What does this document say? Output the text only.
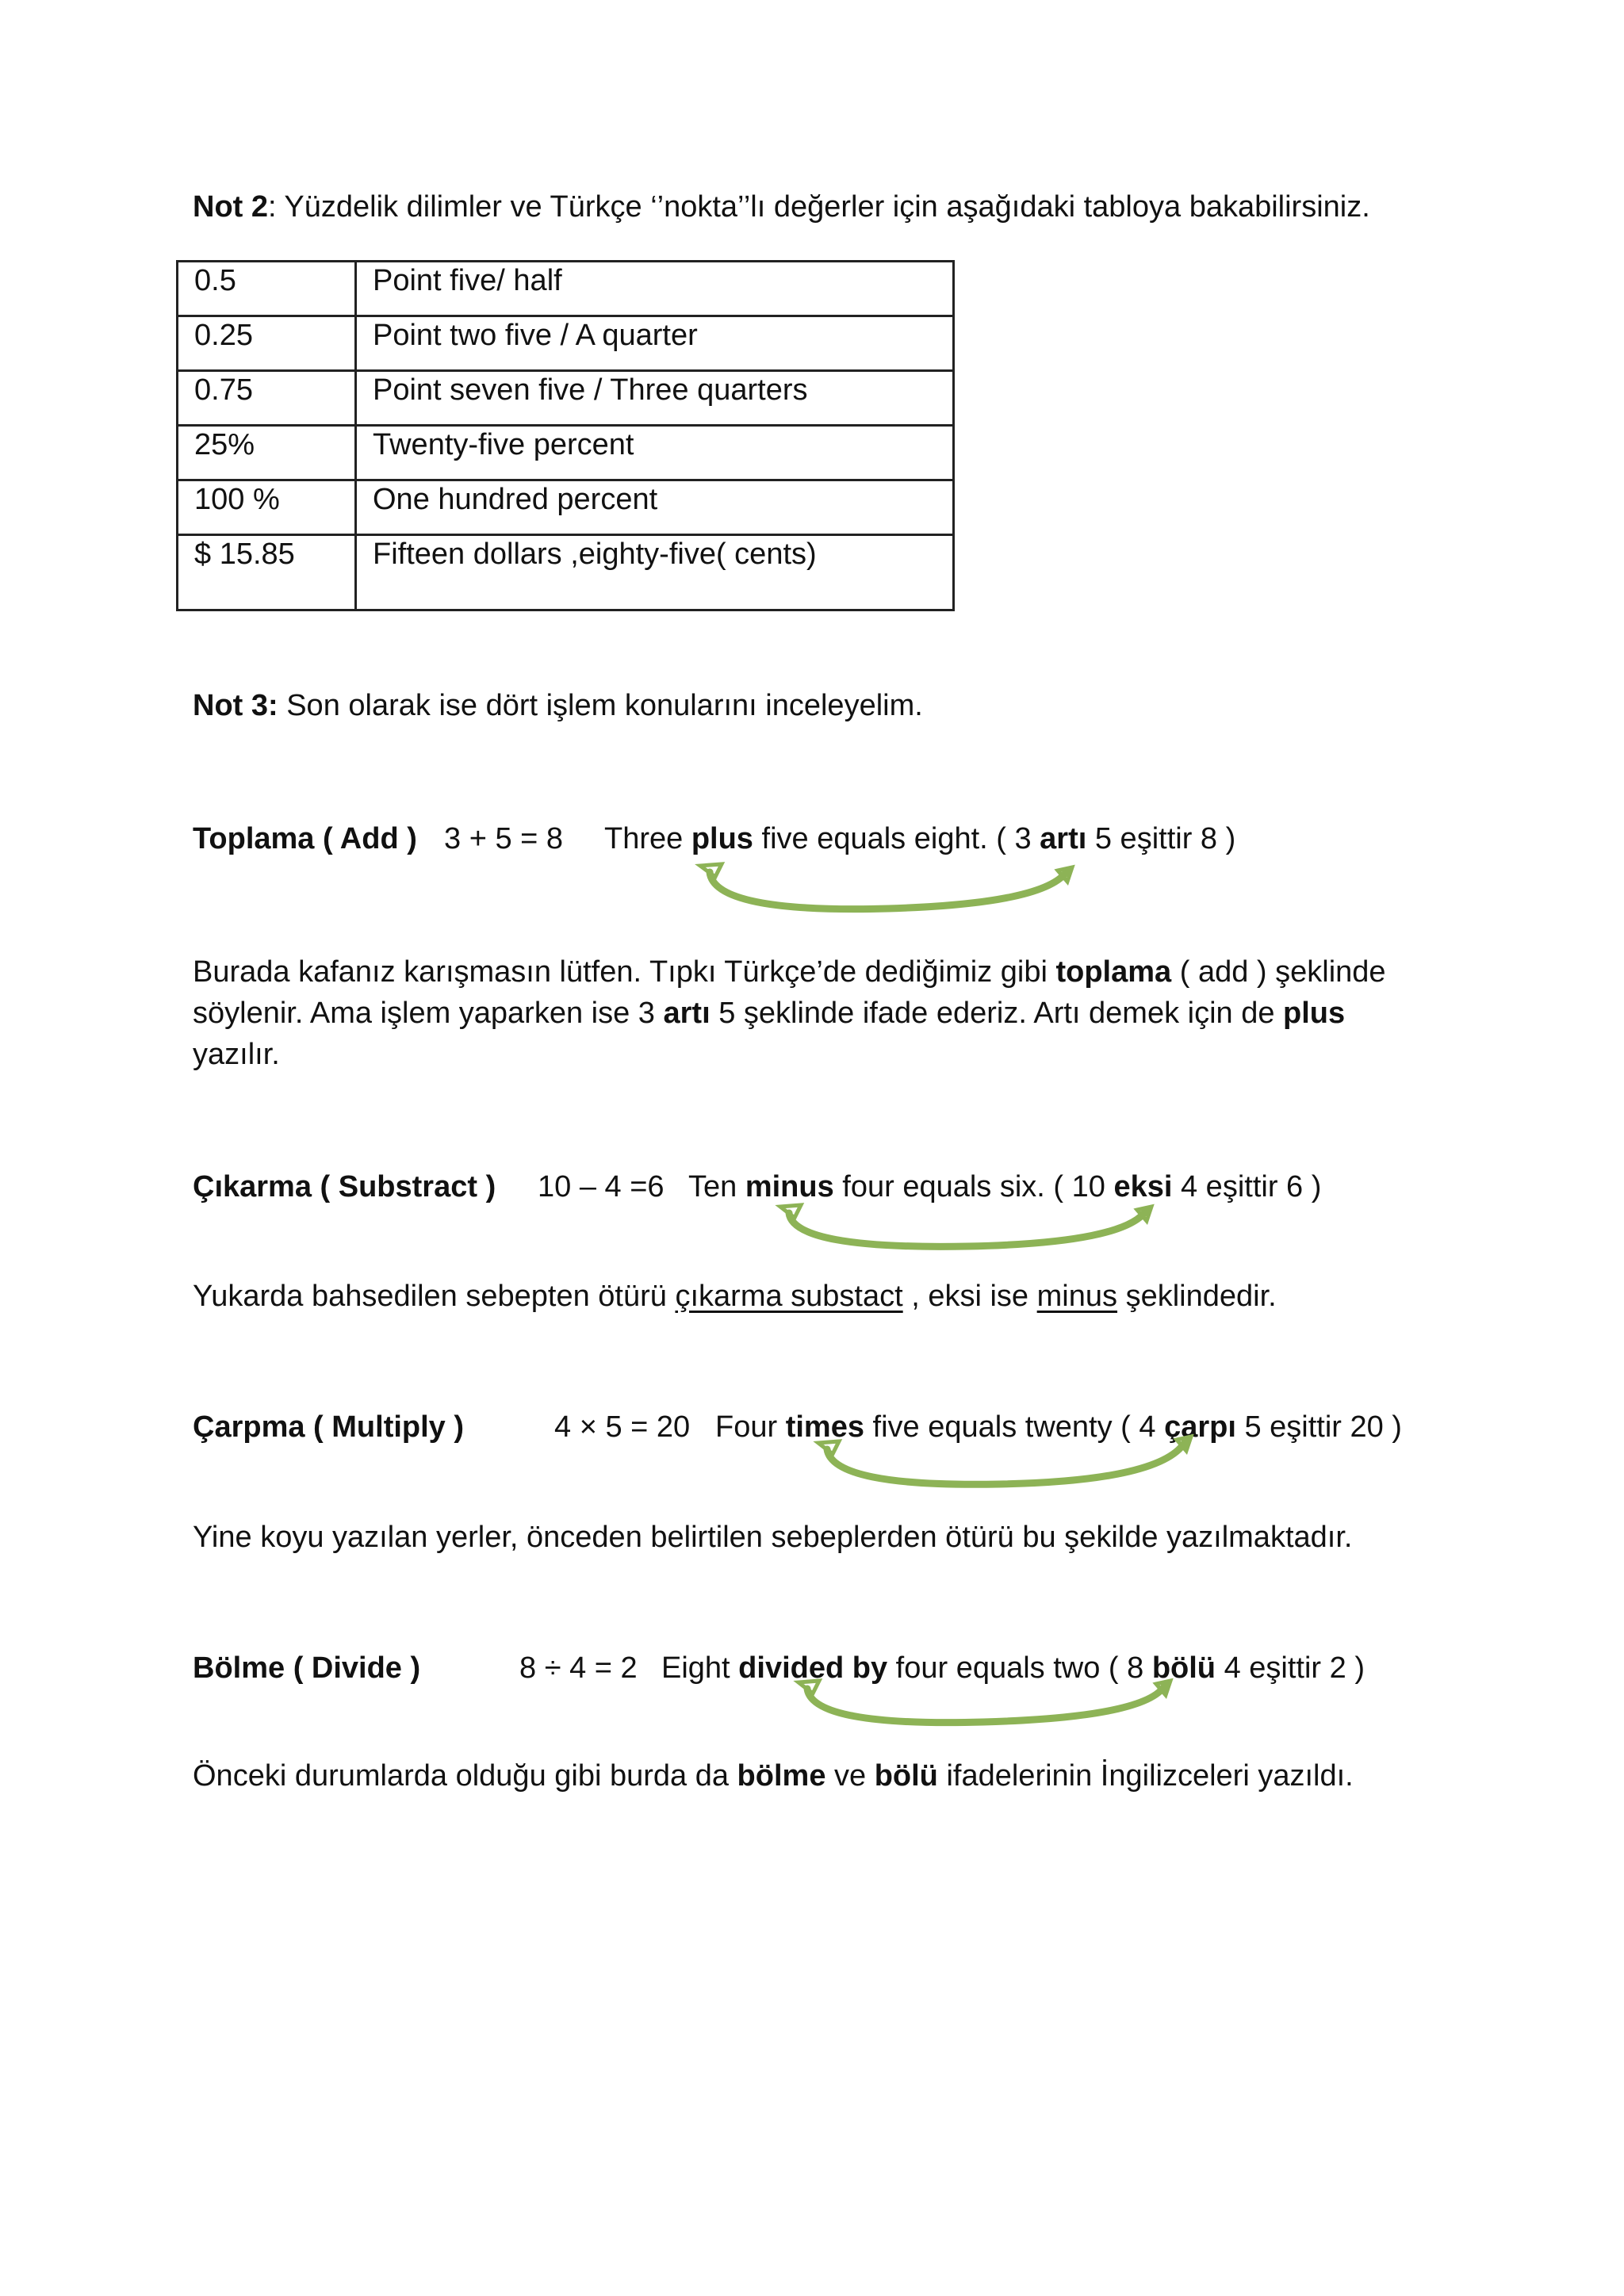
Not 2: Yüzdelik dilimler ve Türkçe ‘’nokta’’lı değerler için aşağıdaki tabloya bakabilirsiniz.
0.5	Point five/ half
0.25	Point two five / A quarter
0.75	Point seven five / Three quarters
25%	Twenty-five percent
100 %	One hundred percent
$ 15.85	Fifteen dollars ,eighty-five( cents)
Not 3: Son olarak ise dört işlem konularını inceleyelim.
Toplama ( Add ) 3 + 5 = 8 Three plus five equals eight. ( 3 artı 5 eşittir 8 )
Burada kafanız karışmasın lütfen. Tıpkı Türkçe’de dediğimiz gibi toplama ( add ) şeklinde söylenir. Ama işlem yaparken ise 3 artı 5 şeklinde ifade ederiz. Artı demek için de plus yazılır.
Çıkarma ( Substract ) 10 – 4 =6 Ten minus four equals six. ( 10 eksi 4 eşittir 6 )
Yukarda bahsedilen sebepten ötürü çıkarma substact , eksi ise minus şeklindedir.
Çarpma ( Multiply )	4 × 5 = 20 Four times five equals twenty ( 4 çarpı 5 eşittir 20 )
Yine koyu yazılan yerler, önceden belirtilen sebeplerden ötürü bu şekilde yazılmaktadır.
Bölme ( Divide )	8 ÷ 4 = 2 Eight divided by four equals two ( 8 bölü 4 eşittir 2 )
Önceki durumlarda olduğu gibi burda da bölme ve bölü ifadelerinin İngilizceleri yazıldı.
